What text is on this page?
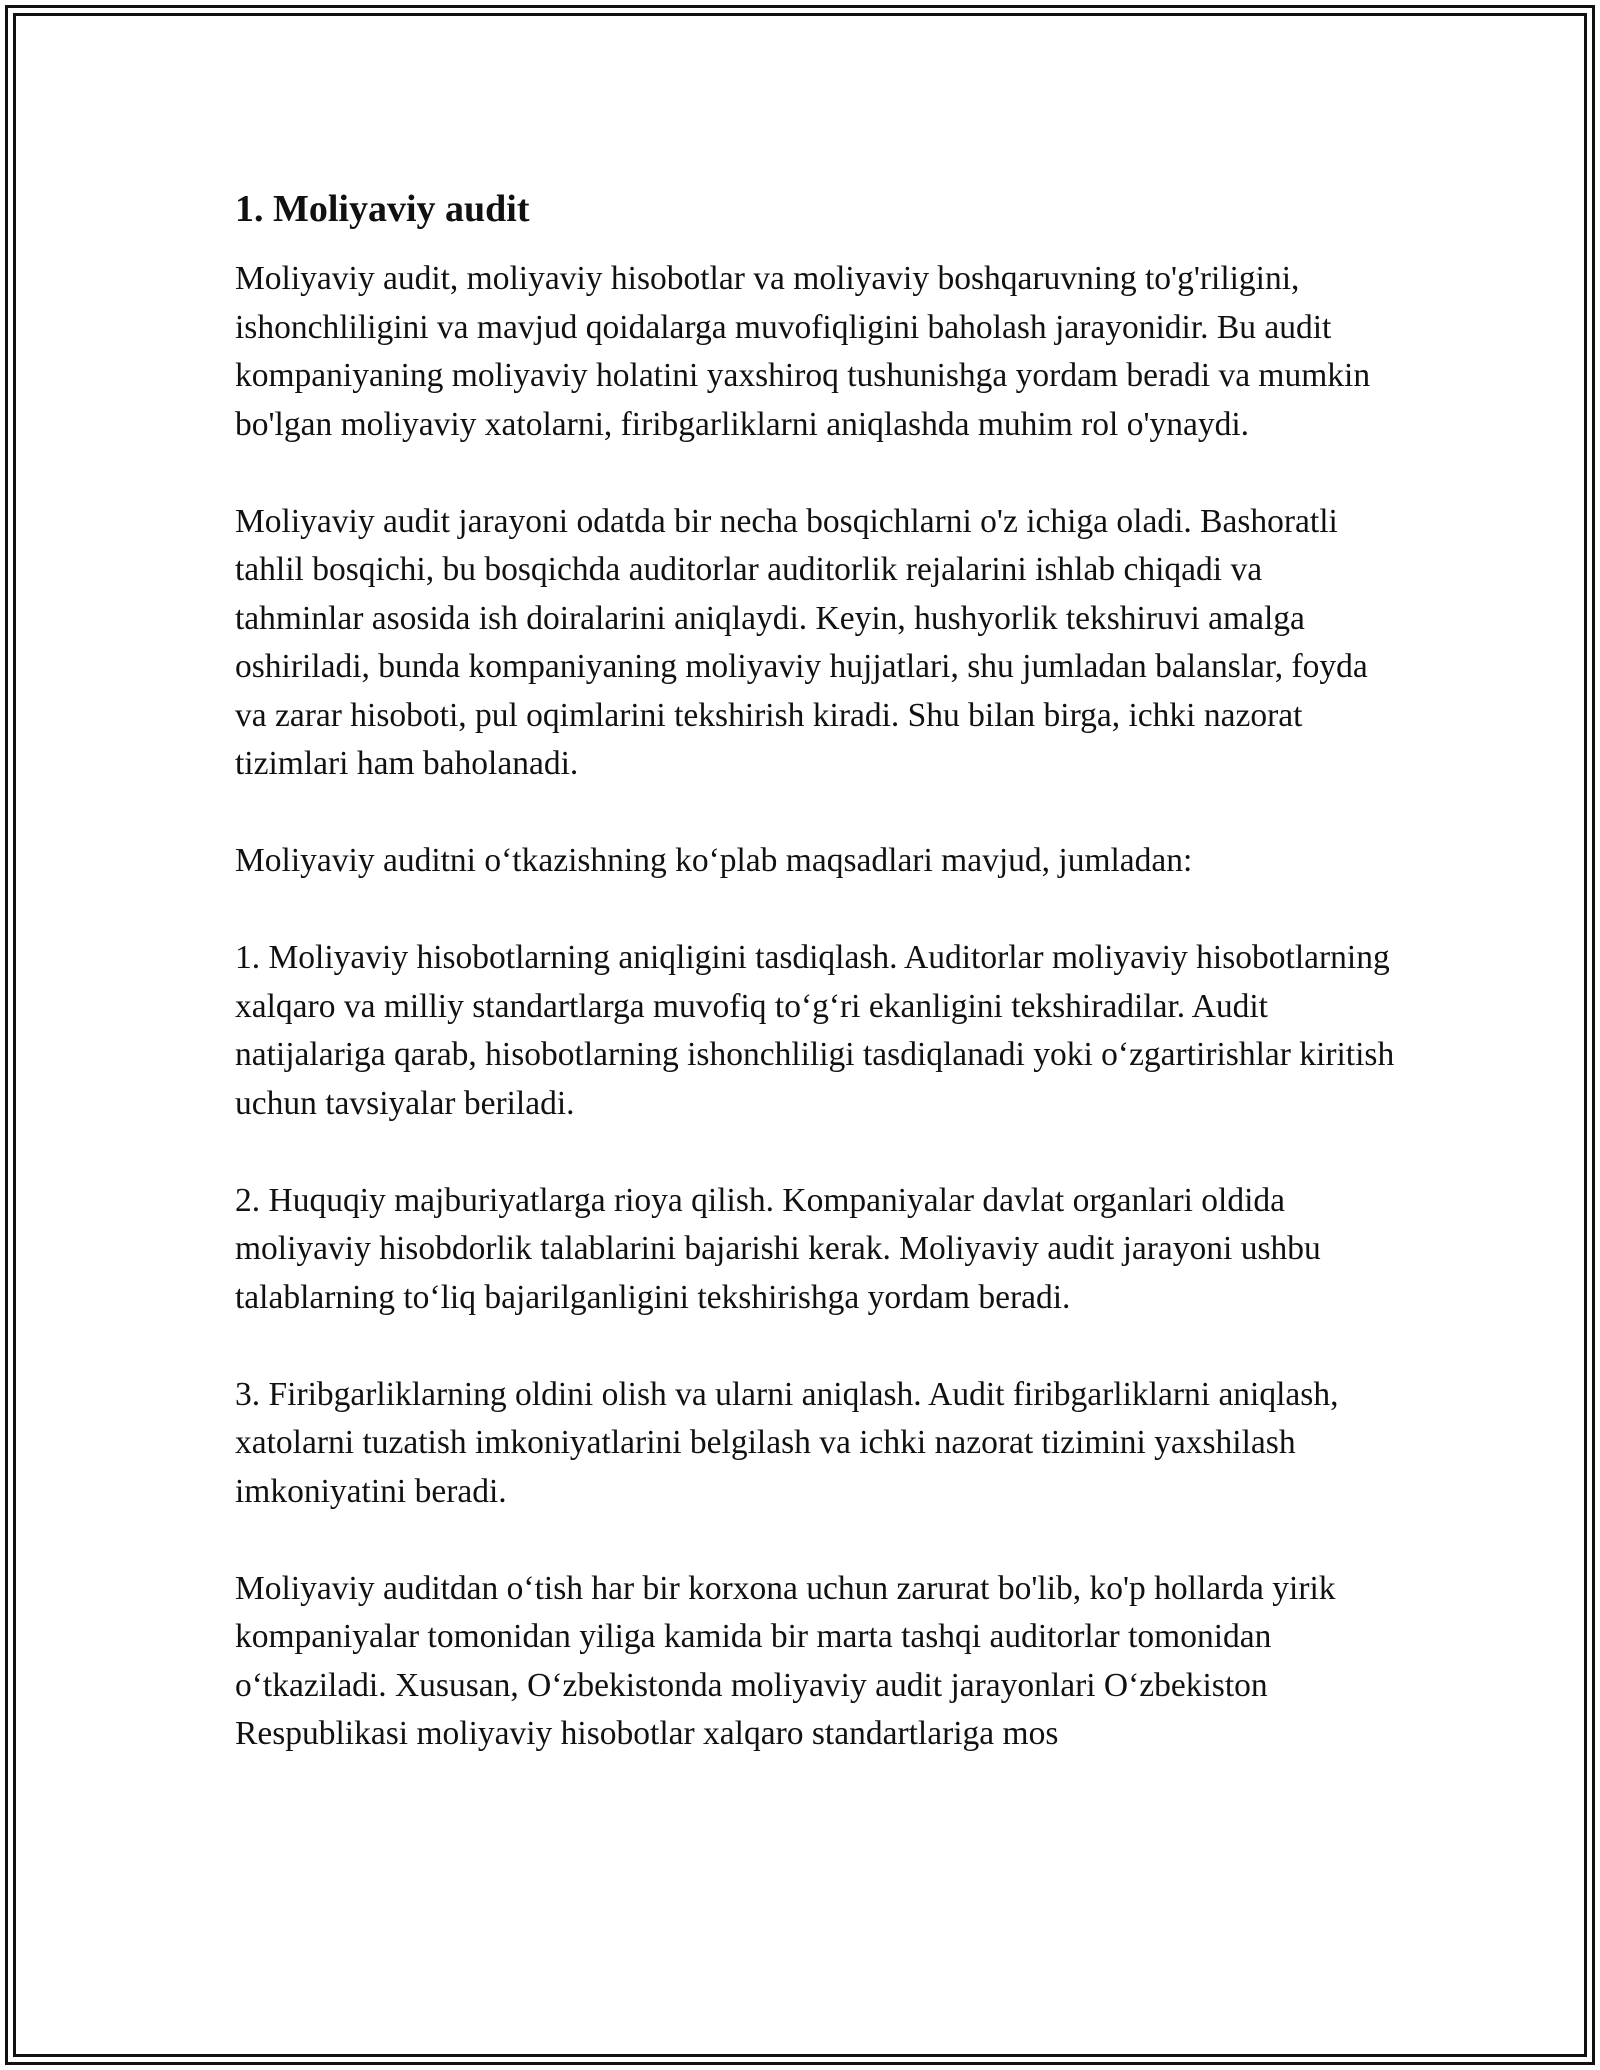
1. Moliyaviy audit

Moliyaviy audit, moliyaviy hisobotlar va moliyaviy boshqaruvning to'g'riligini, ishonchliligini va mavjud qoidalarga muvofiqligini baholash jarayonidir. Bu audit kompaniyaning moliyaviy holatini yaxshiroq tushunishga yordam beradi va mumkin bo'lgan moliyaviy xatolarni, firibgarliklarni aniqlashda muhim rol o'ynaydi.

Moliyaviy audit jarayoni odatda bir necha bosqichlarni o'z ichiga oladi. Bashoratli tahlil bosqichi, bu bosqichda auditorlar auditorlik rejalarini ishlab chiqadi va tahminlar asosida ish doiralarini aniqlaydi. Keyin, hushyorlik tekshiruvi amalga oshiriladi, bunda kompaniyaning moliyaviy hujjatlari, shu jumladan balanslar, foyda va zarar hisoboti, pul oqimlarini tekshirish kiradi. Shu bilan birga, ichki nazorat tizimlari ham baholanadi.

Moliyaviy auditni o‘tkazishning ko‘plab maqsadlari mavjud, jumladan:

1. Moliyaviy hisobotlarning aniqligini tasdiqlash. Auditorlar moliyaviy hisobotlarning xalqaro va milliy standartlarga muvofiq to‘g‘ri ekanligini tekshiradilar. Audit natijalariga qarab, hisobotlarning ishonchliligi tasdiqlanadi yoki o‘zgartirishlar kiritish uchun tavsiyalar beriladi.

2. Huquqiy majburiyatlarga rioya qilish. Kompaniyalar davlat organlari oldida moliyaviy hisobdorlik talablarini bajarishi kerak. Moliyaviy audit jarayoni ushbu talablarning to‘liq bajarilganligini tekshirishga yordam beradi.

3. Firibgarliklarning oldini olish va ularni aniqlash. Audit firibgarliklarni aniqlash, xatolarni tuzatish imkoniyatlarini belgilash va ichki nazorat tizimini yaxshilash imkoniyatini beradi.

Moliyaviy auditdan o‘tish har bir korxona uchun zarurat bo'lib, ko'p hollarda yirik kompaniyalar tomonidan yiliga kamida bir marta tashqi auditorlar tomonidan o‘tkaziladi. Xususan, O‘zbekistonda moliyaviy audit jarayonlari O‘zbekiston Respublikasi moliyaviy hisobotlar xalqaro standartlariga mos
